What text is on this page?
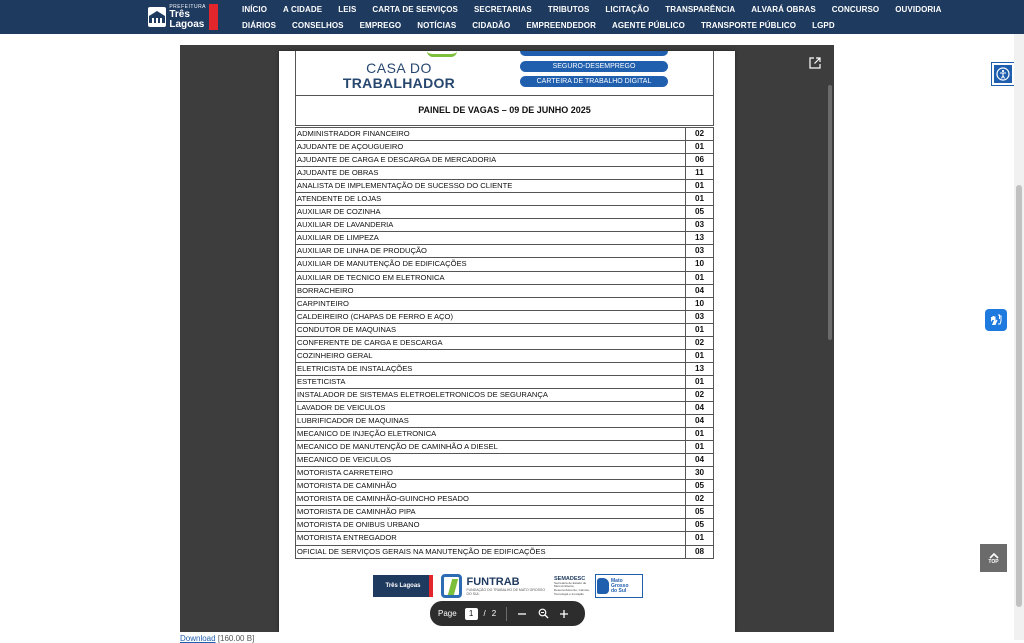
PREFEITURA
Três Lagoas
INÍCIO	A CIDADE	LEIS	CARTA DE SERVIÇOS	SECRETARIAS	TRIBUTOS	LICITAÇÃO	TRANSPARÊNCIA	ALVARÁ OBRAS	CONCURSO	OUVIDORIA
DIÁRIOS	CONSELHOS	EMPREGO	NOTÍCIAS	CIDADÃO	EMPREENDEDOR	AGENTE PÚBLICO	TRANSPORTE PÚBLICO	LGPD
CASA DO
TRABALHADOR
SEGURO-DESEMPREGO
CARTEIRA DE TRABALHO DIGITAL
PAINEL DE VAGAS – 09 DE JUNHO 2025
ADMINISTRADOR FINANCEIRO	02
AJUDANTE DE AÇOUGUEIRO	01
AJUDANTE DE CARGA E DESCARGA DE MERCADORIA	06
AJUDANTE DE OBRAS	11
ANALISTA DE IMPLEMENTAÇÃO DE SUCESSO DO CLIENTE	01
ATENDENTE DE LOJAS	01
AUXILIAR DE COZINHA	05
AUXILIAR DE LAVANDERIA	03
AUXILIAR DE LIMPEZA	13
AUXILIAR DE LINHA DE PRODUÇÃO	03
AUXILIAR DE MANUTENÇÃO DE EDIFICAÇÕES	10
AUXILIAR DE TECNICO EM ELETRONICA	01
BORRACHEIRO	04
CARPINTEIRO	10
CALDEIREIRO (CHAPAS DE FERRO E AÇO)	03
CONDUTOR DE MAQUINAS	01
CONFERENTE DE CARGA E DESCARGA	02
COZINHEIRO GERAL	01
ELETRICISTA DE INSTALAÇÕES	13
ESTETICISTA	01
INSTALADOR DE SISTEMAS ELETROELETRONICOS DE SEGURANÇA	02
LAVADOR DE VEICULOS	04
LUBRIFICADOR DE MAQUINAS	04
MECANICO DE INJEÇÃO ELETRONICA	01
MECANICO DE MANUTENÇÃO DE CAMINHÃO A DIESEL	01
MECANICO DE VEICULOS	04
MOTORISTA CARRETEIRO	30
MOTORISTA DE CAMINHÃO	05
MOTORISTA DE CAMINHÃO-GUINCHO PESADO	02
MOTORISTA DE CAMINHÃO PIPA	05
MOTORISTA DE ONIBUS URBANO	05
MOTORISTA ENTREGADOR	01
OFICIAL DE SERVIÇOS GERAIS NA MANUTENÇÃO DE EDIFICAÇÕES	08
Três Lagoas	FUNTRAB
FUNDAÇÃO DO TRABALHO DE MATO GROSSO DO SUL
SEMADESC
Secretaria de Estado de Meio Ambiente, Desenvolvimento, Ciência, Tecnologia e Inovação
Mato
Grosso
do Sul
Page	1	/ 2
TOP
Download [160.00 B]
